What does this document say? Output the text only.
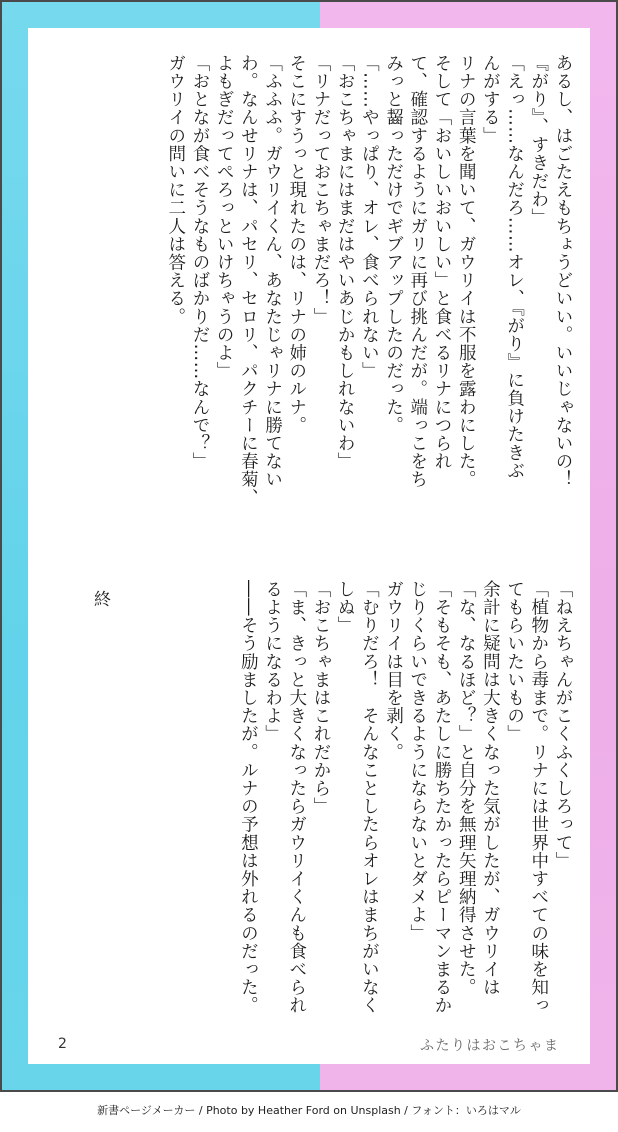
あるし、はごたえもちょうどいい。いいじゃないの！
『がり』、すきだわ」
「えっ……なんだろ……オレ、『がり』に負けたきぶ
んがする」
リナの言葉を聞いて、ガウリイは不服を露わにした。
そして「おいしいおいしい」と食べるリナにつられ
て、確認するようにガリに再び挑んだが。端っこをち
みっと齧っただけでギブアップしたのだった。
「……やっぱり、オレ、食べられない」
「おこちゃまにはまだはやいあじかもしれないわ」
「リナだっておこちゃまだろ！」
そこにすうっと現れたのは、リナの姉のルナ。
「ふふふ。ガウリイくん、あなたじゃリナに勝てない
わ。なんせリナは、パセリ、セロリ、パクチーに春菊、
よもぎだってぺろっといけちゃうのよ」
「おとなが食べそうなものばかりだ……なんで？」
ガウリイの問いに二人は答える。
「ねえちゃんがこくふくしろって」
「植物から毒まで。リナには世界中すべての味を知っ
てもらいたいもの」
余計に疑問は大きくなった気がしたが、ガウリイは
「な、なるほど？」と自分を無理矢理納得させた。
「そもそも、あたしに勝ちたかったらピーマンまるか
じりくらいできるようにならないとダメよ」
ガウリイは目を剥く。
「むりだろ！　そんなことしたらオレはまちがいなく
しぬ」
「おこちゃまはこれだから」
「ま、きっと大きくなったらガウリイくんも食べられ
るようになるわよ」
――そう励ましたが。ルナの予想は外れるのだった。
終
2	ふたりはおこちゃま
新書ページメーカー / Photo by Heather Ford on Unsplash / フォント：いろはマル
